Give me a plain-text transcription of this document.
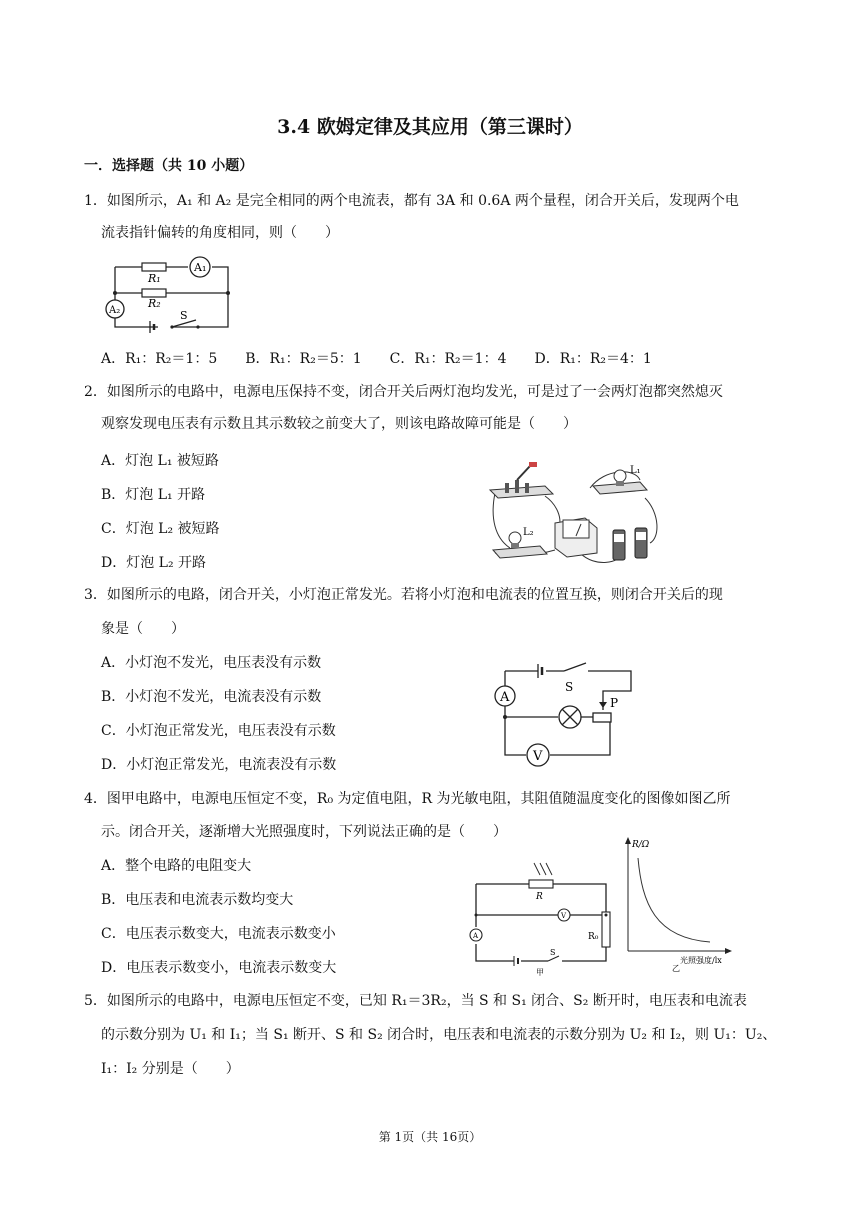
3.4 欧姆定律及其应用（第三课时）
一．选择题（共 10 小题）
1．如图所示，A₁ 和 A₂ 是完全相同的两个电流表，都有 3A 和 0.6A 两个量程，闭合开关后，发现两个电
流表指针偏转的角度相同，则（　　）
R₁
R₂
A₁
A₂	S
A．R₁：R₂＝1：5　　B．R₁：R₂＝5：1　　C．R₁：R₂＝1：4　　D．R₁：R₂＝4：1
2．如图所示的电路中，电源电压保持不变，闭合开关后两灯泡均发光，可是过了一会两灯泡都突然熄灭
观察发现电压表有示数且其示数较之前变大了，则该电路故障可能是（　　）
A．灯泡 L₁ 被短路
B．灯泡 L₁ 开路
C．灯泡 L₂ 被短路
D．灯泡 L₂ 开路
L₁
L₂
3．如图所示的电路，闭合开关，小灯泡正常发光。若将小灯泡和电流表的位置互换，则闭合开关后的现
象是（　　）
A．小灯泡不发光，电压表没有示数
B．小灯泡不发光，电流表没有示数
C．小灯泡正常发光，电压表没有示数
D．小灯泡正常发光，电流表没有示数
A
V
S
P
4．图甲电路中，电源电压恒定不变，R₀ 为定值电阻，R 为光敏电阻，其阻值随温度变化的图像如图乙所
示。闭合开关，逐渐增大光照强度时，下列说法正确的是（　　）
A．整个电路的电阻变大
B．电压表和电流表示数均变大
C．电压表示数变大，电流表示数变小
D．电压表示数变小，电流表示数变大
R
R₀
V
A
S
甲
R/Ω
光照强度/lx
乙
5．如图所示的电路中，电源电压恒定不变，已知 R₁＝3R₂，当 S 和 S₁ 闭合、S₂ 断开时，电压表和电流表
的示数分别为 U₁ 和 I₁；当 S₁ 断开、S 和 S₂ 闭合时，电压表和电流表的示数分别为 U₂ 和 I₂，则 U₁：U₂、
I₁：I₂ 分别是（　　）
第 1页（共 16页）
